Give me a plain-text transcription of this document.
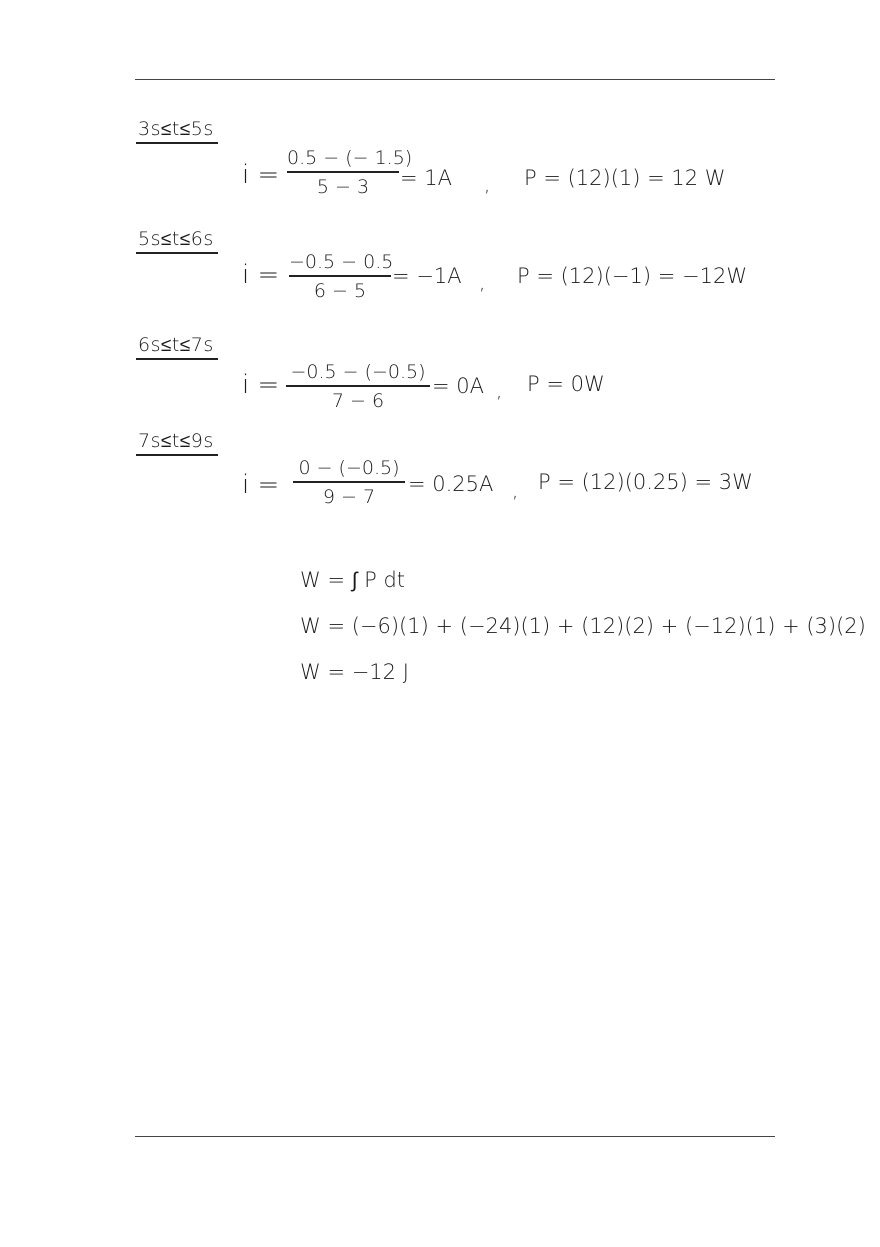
3s≤t≤5s
i =
0.5 − (− 1.5)
5 − 3	= 1A , P = (12)(1) = 12 W
5s≤t≤6s
i = −0.5 − 0.5
6 − 5
= −1A , P = (12)(−1) = −12W
6s≤t≤7s
i = −0.5 − (−0.5)
7 − 6
= 0A , P = 0W
7s≤t≤9s
i =
0 − (−0.5)
9 − 7
= 0.25A , P = (12)(0.25) = 3W
W = ∫ P dt
W = (−6)(1) + (−24)(1) + (12)(2) + (−12)(1) + (3)(2)
W = −12 J
